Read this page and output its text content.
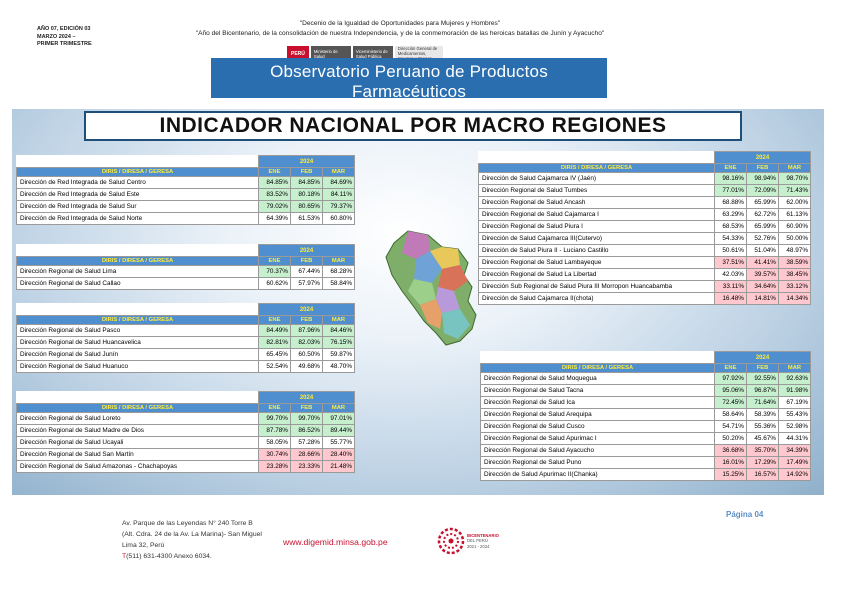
AÑO 07, EDICIÓN 03
MARZO 2024 –
PRIMER TRIMESTRE
"Decenio de la Igualdad de Oportunidades para Mujeres y Hombres"
"Año del Bicentenario, de la consolidación de nuestra Independencia, y de la conmemoración de las heroicas batallas de Junín y Ayacucho"
PERÚ	Ministerio de Salud
Viceministerio de Salud Pública
Dirección General de Medicamentos,
Observatorio Peruano de Productos Farmacéuticos
INDICADOR NACIONAL POR MACRO REGIONES
	2024		
DIRIS / DIRESA / GERESA	ENE	FEB	MAR
Dirección de Red Integrada de Salud Centro	84.85%	84.85%	84.69%
Dirección de Red Integrada de Salud Este	83.52%	80.18%	84.11%
Dirección de Red Integrada de Salud Sur	79.02%	80.65%	79.37%
Dirección de Red Integrada de Salud Norte	64.39%	61.53%	60.80%
	2024		
DIRIS / DIRESA / GERESA	ENE	FEB	MAR
Dirección Regional de Salud Lima	70.37%	67.44%	68.28%
Dirección Regional de Salud Callao	60.62%	57.97%	58.84%
	2024		
DIRIS / DIRESA / GERESA	ENE	FEB	MAR
Dirección Regional de Salud Pasco	84.49%	87.96%	84.46%
Dirección Regional de Salud Huancavelica	82.81%	82.03%	76.15%
Dirección Regional de Salud Junín	65.45%	60.50%	59.87%
Dirección Regional de Salud Huanuco	52.54%	49.68%	48.70%
	2024		
DIRIS / DIRESA / GERESA	ENE	FEB	MAR
Dirección Regional de Salud Loreto	99.70%	99.70%	97.01%
Dirección Regional de Salud Madre de Dios	87.78%	86.52%	89.44%
Dirección Regional de Salud Ucayali	58.05%	57.28%	55.77%
Dirección Regional de Salud San Martín	30.74%	28.66%	28.40%
Dirección Regional de Salud Amazonas - Chachapoyas	23.28%	23.33%	21.48%
	2024		
DIRIS / DIRESA / GERESA	ENE	FEB	MAR
Dirección de Salud Cajamarca IV (Jaén)	98.16%	98.94%	98.70%
Dirección Regional de Salud Tumbes	77.01%	72.09%	71.43%
Dirección Regional de Salud Ancash	68.88%	65.99%	62.00%
Dirección Regional de Salud Cajamarca I	63.29%	62.72%	61.13%
Dirección Regional de Salud Piura I	68.53%	65.99%	60.90%
Dirección de Salud Cajamarca III(Cutervo)	54.33%	52.76%	50.00%
Dirección de Salud Piura II - Luciano Castillo	50.61%	51.04%	48.97%
Dirección Regional de Salud Lambayeque	37.51%	41.41%	38.59%
Dirección Regional de Salud La Libertad	42.03%	39.57%	38.45%
Dirección Sub Regional de Salud Piura III Morropon Huancabamba	33.11%	34.64%	33.12%
Dirección de Salud Cajamarca II(chota)	16.48%	14.81%	14.34%
	2024		
DIRIS / DIRESA / GERESA	ENE	FEB	MAR
Dirección Regional de Salud Moquegua	97.92%	92.55%	92.63%
Dirección Regional de Salud Tacna	95.06%	96.87%	91.98%
Dirección Regional de Salud Ica	72.45%	71.64%	67.19%
Dirección Regional de Salud Arequipa	58.64%	58.39%	55.43%
Dirección Regional de Salud Cusco	54.71%	55.36%	52.98%
Dirección Regional de Salud Apurimac I	50.20%	45.67%	44.31%
Dirección Regional de Salud Ayacucho	36.68%	35.70%	34.39%
Dirección Regional de Salud Puno	16.01%	17.29%	17.49%
Dirección de Salud Apurimac II(Chanka)	15.25%	16.57%	14.92%
Av. Parque de las Leyendas N° 240 Torre B
(Alt. Cdra. 24 de la Av. La Marina)- San Miguel
Lima 32, Perú
T(511) 631-4300 Anexo 6034.
www.digemid.minsa.gob.pe
BICENTENARIO
DEL PERÚ
2021 - 2024
Página 04
